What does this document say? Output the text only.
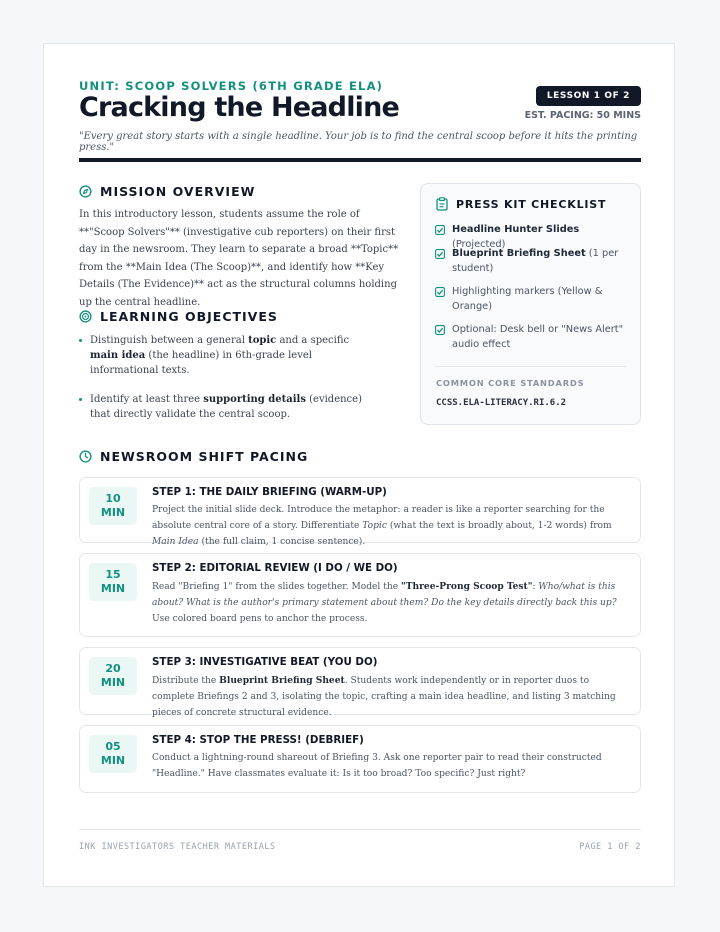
UNIT: SCOOP SOLVERS (6TH GRADE ELA)
Cracking the Headline	LESSON 1 OF 2
EST. PACING: 50 MINS
"Every great story starts with a single headline. Your job is to find the central scoop before it hits the printing press."
MISSION OVERVIEW
In this introductory lesson, students assume the role of **"Scoop Solvers"** (investigative cub reporters) on their first day in the newsroom. They learn to separate a broad **Topic** from the **Main Idea (The Scoop)**, and identify how **Key Details (The Evidence)** act as the structural columns holding up the central headline.
LEARNING OBJECTIVES
Distinguish between a general topic and a specific main idea (the headline) in 6th-grade level informational texts.
Identify at least three supporting details (evidence) that directly validate the central scoop.
PRESS KIT CHECKLIST
Headline Hunter Slides (Projected)
Blueprint Briefing Sheet (1 per student)
Highlighting markers (Yellow & Orange)
Optional: Desk bell or "News Alert" audio effect
COMMON CORE STANDARDS
CCSS.ELA-LITERACY.RI.6.2
NEWSROOM SHIFT PACING
10
MIN
STEP 1: THE DAILY BRIEFING (WARM-UP)
Project the initial slide deck. Introduce the metaphor: a reader is like a reporter searching for the absolute central core of a story. Differentiate Topic (what the text is broadly about, 1-2 words) from Main Idea (the full claim, 1 concise sentence).
15
MIN
STEP 2: EDITORIAL REVIEW (I DO / WE DO)
Read "Briefing 1" from the slides together. Model the "Three-Prong Scoop Test": Who/what is this about? What is the author's primary statement about them? Do the key details directly back this up? Use colored board pens to anchor the process.
20
MIN
STEP 3: INVESTIGATIVE BEAT (YOU DO)
Distribute the Blueprint Briefing Sheet. Students work independently or in reporter duos to complete Briefings 2 and 3, isolating the topic, crafting a main idea headline, and listing 3 matching pieces of concrete structural evidence.
05
MIN
STEP 4: STOP THE PRESS! (DEBRIEF)
Conduct a lightning-round shareout of Briefing 3. Ask one reporter pair to read their constructed "Headline." Have classmates evaluate it: Is it too broad? Too specific? Just right?
INK INVESTIGATORS TEACHER MATERIALS	PAGE 1 OF 2
